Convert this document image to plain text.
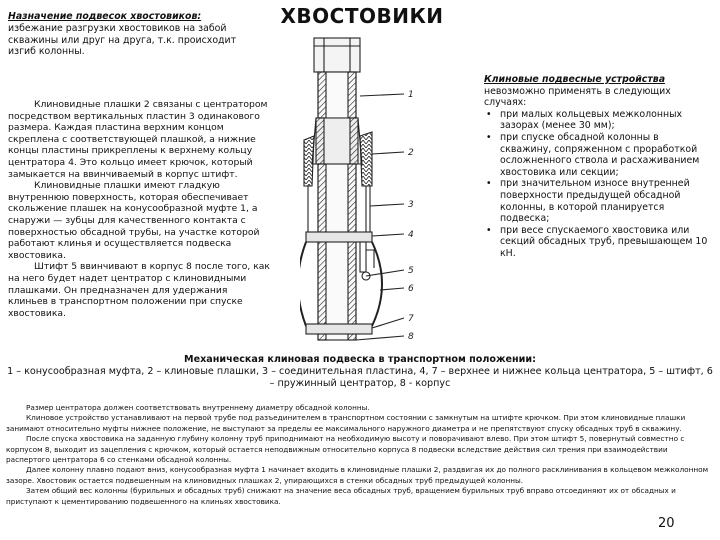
ХВОСТОВИКИ
Назначение подвесок хвостовиков:
избежание разгрузки хвостовиков на забой скважины или друг на друга, т.к. происходит изгиб колонны.

Клиновидные плашки 2 связаны с центратором посредством вертикальных пластин 3 одинакового размера. Каждая пластина верхним концом скреплена с соответствующей плашкой, а нижние концы пластины прикреплены к верхнему кольцу центратора 4. Это кольцо имеет крючок, который замыкается на ввинчиваемый в корпус штифт.

Клиновидные плашки имеют гладкую внутреннюю поверхность, которая обеспечивает скольжение плашек на конусообразной муфте 1, а снаружи — зубцы для качественного контакта с поверхностью обсадной трубы, на участке которой работают клинья и осуществляется подвеска хвостовика.

Штифт 5 ввинчивают в корпус 8 после того, как на него будет надет центратор с клиновидными плашками. Он предназначен для удержания клиньев в транспортном положении при спуске хвостовика.

1
2
3
4
5
6
7
8
Клиновые подвесные устройства
невозможно применять в следующих случаях:
• при малых кольцевых межколонных зазорах (менее 30 мм);
• при спуске обсадной колонны в скважину, сопряженном с проработкой осложненного ствола и расхаживанием хвостовика или секции;
• при значительном износе внутренней поверхности предыдущей обсадной колонны, в которой планируется подвеска;
• при весе спускаемого хвостовика или секций обсадных труб, превышающем 10 кН.
Механическая клиновая подвеска в транспортном положении:
1 – конусообразная муфта, 2 – клиновые плашки, 3 – соединительная пластина, 4, 7 – верхнее и нижнее кольца центратора, 5 – штифт, 6 – пружинный центратор, 8 - корпус

Размер центратора должен соответствовать внутреннему диаметру обсадной колонны.

Клиновое устройство устанавливают на первой трубе под разъединителем в транспортном состоянии с замкнутым на штифте крючком. При этом клиновидные плашки занимают относительно муфты нижнее положение, не выступают за пределы ее максимального наружного диаметра и не препятствуют спуску обсадных труб в скважину.

После спуска хвостовика на заданную глубину колонну труб приподнимают на необходимую высоту и поворачивают влево. При этом штифт 5, повернутый совместно с корпусом 8, выходит из зацепления с крючком, который остается неподвижным относительно корпуса 8 подвески вследствие действия сил трения при взаимодействии распертого центратора 6 со стенками обсадной колонны.

Далее колонну плавно подают вниз, конусообразная муфта 1 начинает входить в клиновидные плашки 2, раздвигая их до полного расклинивания в кольцевом межколонном зазоре. Хвостовик остается подвешенным на клиновидных плашках 2, упирающихся в стенки обсадных труб предыдущей колонны.

Затем общий вес колонны (бурильных и обсадных труб) снижают на значение веса обсадных труб, вращением бурильных труб вправо отсоединяют их от обсадных и приступают к цементированию подвешенного на клиньях хвостовика.

20
